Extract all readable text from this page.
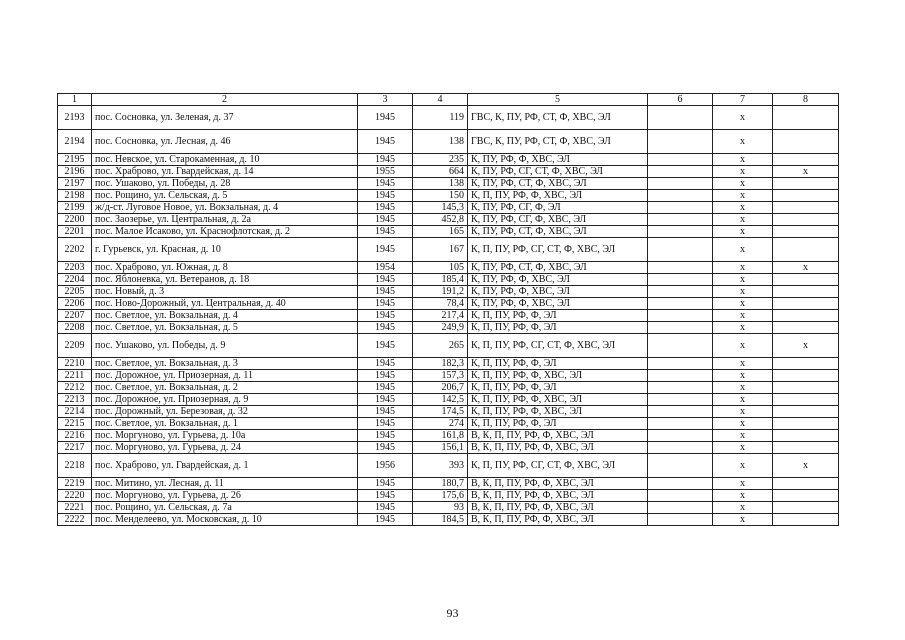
1	2	3	4	5	6	7	8
2193	пос. Сосновка, ул. Зеленая, д. 37	1945	119	ГВС, К, ПУ, РФ, СТ, Ф, ХВС, ЭЛ		х	
2194	пос. Сосновка, ул. Лесная, д. 46	1945	138	ГВС, К, ПУ, РФ, СТ, Ф, ХВС, ЭЛ		х	
2195	пос. Невское, ул. Старокаменная, д. 10	1945	235	К, ПУ, РФ, Ф, ХВС, ЭЛ		х	
2196	пос. Храброво, ул. Гвардейская, д. 14	1955	664	К, ПУ, РФ, СГ, СТ, Ф, ХВС, ЭЛ		х	х
2197	пос. Ушаково, ул. Победы, д. 28	1945	138	К, ПУ, РФ, СТ, Ф, ХВС, ЭЛ		х	
2198	пос. Рощино, ул. Сельская, д. 5	1945	150	К, П, ПУ, РФ, Ф, ХВС, ЭЛ		х	
2199	ж/д-ст. Луговое Новое, ул. Вокзальная, д. 4	1945	145,3	К, ПУ, РФ, СГ, Ф, ЭЛ		х	
2200	пос. Заозерье, ул. Центральная, д. 2а	1945	452,8	К, ПУ, РФ, СГ, Ф, ХВС, ЭЛ		х	
2201	пос. Малое Исаково, ул. Краснофлотская, д. 2	1945	165	К, ПУ, РФ, СТ, Ф, ХВС, ЭЛ		х	
2202	г. Гурьевск, ул. Красная, д. 10	1945	167	К, П, ПУ, РФ, СГ, СТ, Ф, ХВС, ЭЛ		х	
2203	пос. Храброво, ул. Южная, д. 8	1954	105	К, ПУ, РФ, СТ, Ф, ХВС, ЭЛ		х	х
2204	пос. Яблоневка, ул. Ветеранов, д. 18	1945	185,4	К, ПУ, РФ, Ф, ХВС, ЭЛ		х	
2205	пос. Новый, д. 3	1945	191,2	К, ПУ, РФ, Ф, ХВС, ЭЛ		х	
2206	пос. Ново-Дорожный, ул. Центральная, д. 40	1945	78,4	К, ПУ, РФ, Ф, ХВС, ЭЛ		х	
2207	пос. Светлое, ул. Вокзальная, д. 4	1945	217,4	К, П, ПУ, РФ, Ф, ЭЛ		х	
2208	пос. Светлое, ул. Вокзальная, д. 5	1945	249,9	К, П, ПУ, РФ, Ф, ЭЛ		х	
2209	пос. Ушаково, ул. Победы, д. 9	1945	265	К, П, ПУ, РФ, СГ, СТ, Ф, ХВС, ЭЛ		х	х
2210	пос. Светлое, ул. Вокзальная, д. 3	1945	182,3	К, П, ПУ, РФ, Ф, ЭЛ		х	
2211	пос. Дорожное, ул. Приозерная, д. 11	1945	157,3	К, П, ПУ, РФ, Ф, ХВС, ЭЛ		х	
2212	пос. Светлое, ул. Вокзальная, д. 2	1945	206,7	К, П, ПУ, РФ, Ф, ЭЛ		х	
2213	пос. Дорожное, ул. Приозерная, д. 9	1945	142,5	К, П, ПУ, РФ, Ф, ХВС, ЭЛ		х	
2214	пос. Дорожный, ул. Березовая, д. 32	1945	174,5	К, П, ПУ, РФ, Ф, ХВС, ЭЛ		х	
2215	пос. Светлое, ул. Вокзальная, д. 1	1945	274	К, П, ПУ, РФ, Ф, ЭЛ		х	
2216	пос. Моргуново, ул. Гурьева, д. 10а	1945	161,8	В, К, П, ПУ, РФ, Ф, ХВС, ЭЛ		х	
2217	пос. Моргуново, ул. Гурьева, д. 24	1945	156,1	В, К, П, ПУ, РФ, Ф, ХВС, ЭЛ		х	
2218	пос. Храброво, ул. Гвардейская, д. 1	1956	393	К, П, ПУ, РФ, СГ, СТ, Ф, ХВС, ЭЛ		х	х
2219	пос. Митино, ул. Лесная, д. 11	1945	180,7	В, К, П, ПУ, РФ, Ф, ХВС, ЭЛ		х	
2220	пос. Моргуново, ул. Гурьева, д. 26	1945	175,6	В, К, П, ПУ, РФ, Ф, ХВС, ЭЛ		х	
2221	пос. Рощино, ул. Сельская, д. 7а	1945	93	В, К, П, ПУ, РФ, Ф, ХВС, ЭЛ		х	
2222	пос. Менделеево, ул. Московская, д. 10	1945	184,5	В, К, П, ПУ, РФ, Ф, ХВС, ЭЛ		х	
93
